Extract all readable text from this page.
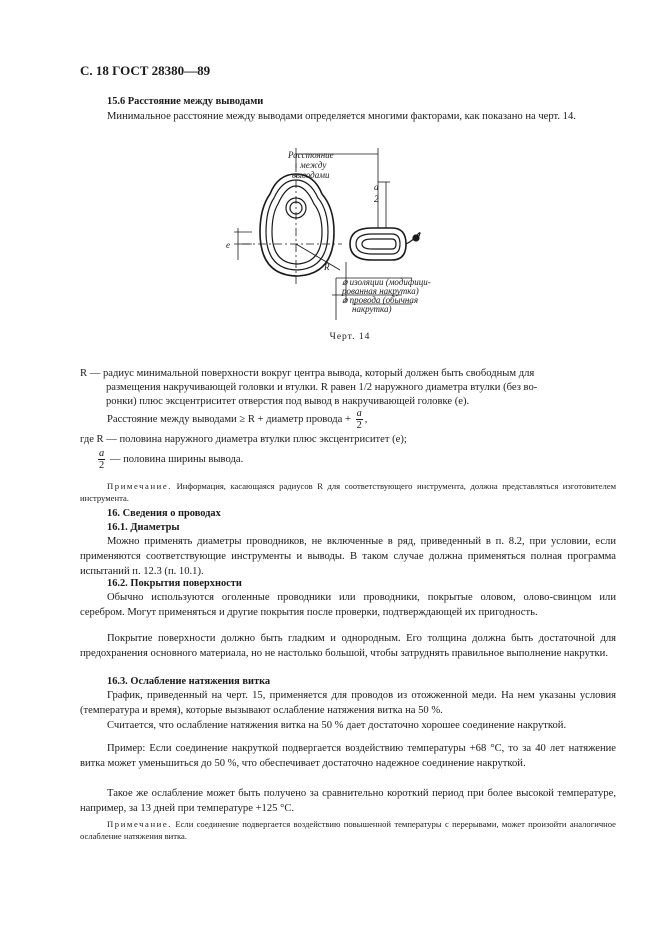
С. 18 ГОСТ 28380—89
15.6 Расстояние между выводами
Минимальное расстояние между выводами определяется многими факторами, как показано на черт. 14.
Расстояние
между
выводами
a
2
e
R
⌀ изоляции (модифици-
рованная накрутка)
⌀ провода (обычная
накрутка)
Черт. 14
R — радиус минимальной поверхности вокруг центра вывода, который должен быть свободным для
размещения накручивающей головки и втулки. R равен 1/2 наружного диаметра втулки (без во-
ронки) плюс эксцентриситет отверстия под вывод в накручивающей головке (e).
Расстояние между выводами ≥ R + диаметр провода + $\frac{a}{2}$ ,
где R — половина наружного диаметра втулки плюс эксцентриситет (e);
$\frac{a}{2}$ — половина ширины вывода.
Примечание. Информация, касающаяся радиусов R для соответствующего инструмента, должна представляться изготовителем инструмента.
16. Сведения о проводах
16.1. Диаметры
Можно применять диаметры проводников, не включенные в ряд, приведенный в п. 8.2, при условии, если применяются соответствующие инструменты и выводы. В таком случае должна применяться полная программа испытаний п. 12.3 (п. 10.1).
16.2. Покрытия поверхности
Обычно используются оголенные проводники или проводники, покрытые оловом, олово-свинцом или серебром. Могут применяться и другие покрытия после проверки, подтверждающей их пригодность.
Покрытие поверхности должно быть гладким и однородным. Его толщина должна быть достаточной для предохранения основного материала, но не настолько большой, чтобы затруднять правильное выполнение накрутки.
16.3. Ослабление натяжения витка
График, приведенный на черт. 15, применяется для проводов из отожженной меди. На нем указаны условия (температура и время), которые вызывают ослабление натяжения витка на 50 %.
Считается, что ослабление натяжения витка на 50 % дает достаточно хорошее соединение накруткой.
Пример: Если соединение накруткой подвергается воздействию температуры +68 °С, то за 40 лет натяжение витка может уменьшиться до 50 %, что обеспечивает достаточно надежное соединение накруткой.
Такое же ослабление может быть получено за сравнительно короткий период при более высокой температуре, например, за 13 дней при температуре +125 °С.
Примечание. Если соединение подвергается воздействию повышенной температуры с перерывами, может произойти аналогичное ослабление натяжения витка.
